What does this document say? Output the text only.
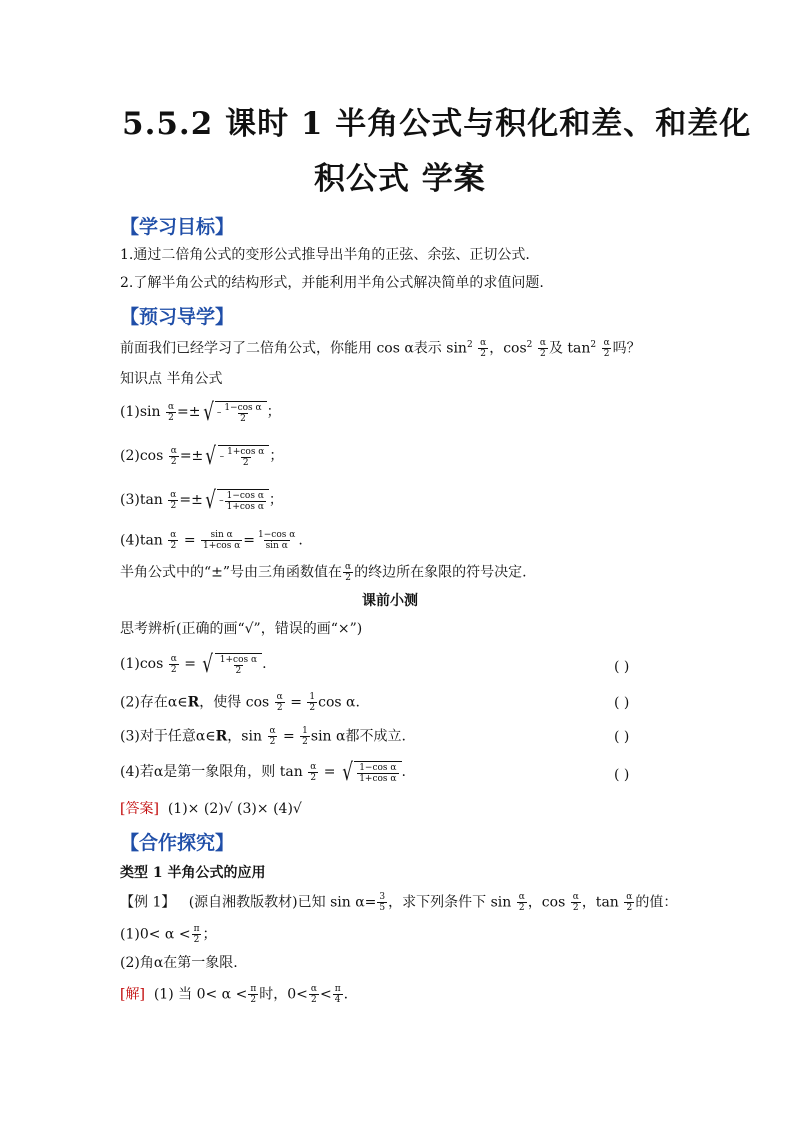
5.5.2 课时 1 半角公式与积化和差、和差化
积公式 学案
【学习目标】
1.通过二倍角公式的变形公式推导出半角的正弦、余弦、正切公式.
2.了解半角公式的结构形式，并能利用半角公式解决简单的求值问题.
【预习导学】
前面我们已经学习了二倍角公式，你能用 cos α表示 $\sin^2 \frac{\alpha}{2}$ ，$\cos^2 \frac{\alpha}{2}$ 及 $\tan^2 \frac{\alpha}{2}$ 吗？
知识点 半角公式
$(1)\sin \frac{\alpha}{2}$ =± √ – $\frac{\text{1−cos α}}{2}$ ；
$(2)\cos \frac{\alpha}{2}$ =± √ – $\frac{\text{1+cos α}}{2}$ ；
$(3)\tan \frac{\alpha}{2}$ =± √ – $\frac{\text{1−cos α}}{\text{1+cos α}}$ ；
$(4)\tan \frac{\alpha}{2} = \frac{\text{sin α}}{\text{1+cos α}} = \frac{\text{1−cos α}}{\text{sin α}}$ .
半角公式中的“±”号由三角函数值在 $\frac{\alpha}{2}$ 的终边所在象限的符号决定.
课前小测
思考辨析(正确的画“√”，错误的画“×”)
$(1)\cos \frac{\alpha}{2}$ = √ $\frac{\text{1+cos α}}{2}$ .	( )
(2)存在α∈R，使得 $\cos \frac{\alpha}{2} = \frac{1}{2}$ cos α.	( )
(3)对于任意α∈R，$\sin \frac{\alpha}{2} = \frac{1}{2}$ sin α都不成立.	( )
(4)若α是第一象限角，则 $\tan \frac{\alpha}{2}$ = √ $\frac{\text{1−cos α}}{\text{1+cos α}}$ .	( )
[答案] (1)× (2)√ (3)× (4)√
【合作探究】
类型 1 半角公式的应用
【例 1】 (源自湘教版教材)已知 $\sin \alpha= \frac{3}{5}$ ，求下列条件下 $\sin \frac{\alpha}{2}$ ，$\cos \frac{\alpha}{2}$ ，$\tan \frac{\alpha}{2}$ 的值：
$(1)0< \alpha < \frac{\pi}{2}$ ；
(2)角α在第一象限.
[解] (1) 当 $0< \alpha < \frac{\pi}{2}$ 时，$0< \frac{\alpha}{2} < \frac{\pi}{4}$ .
